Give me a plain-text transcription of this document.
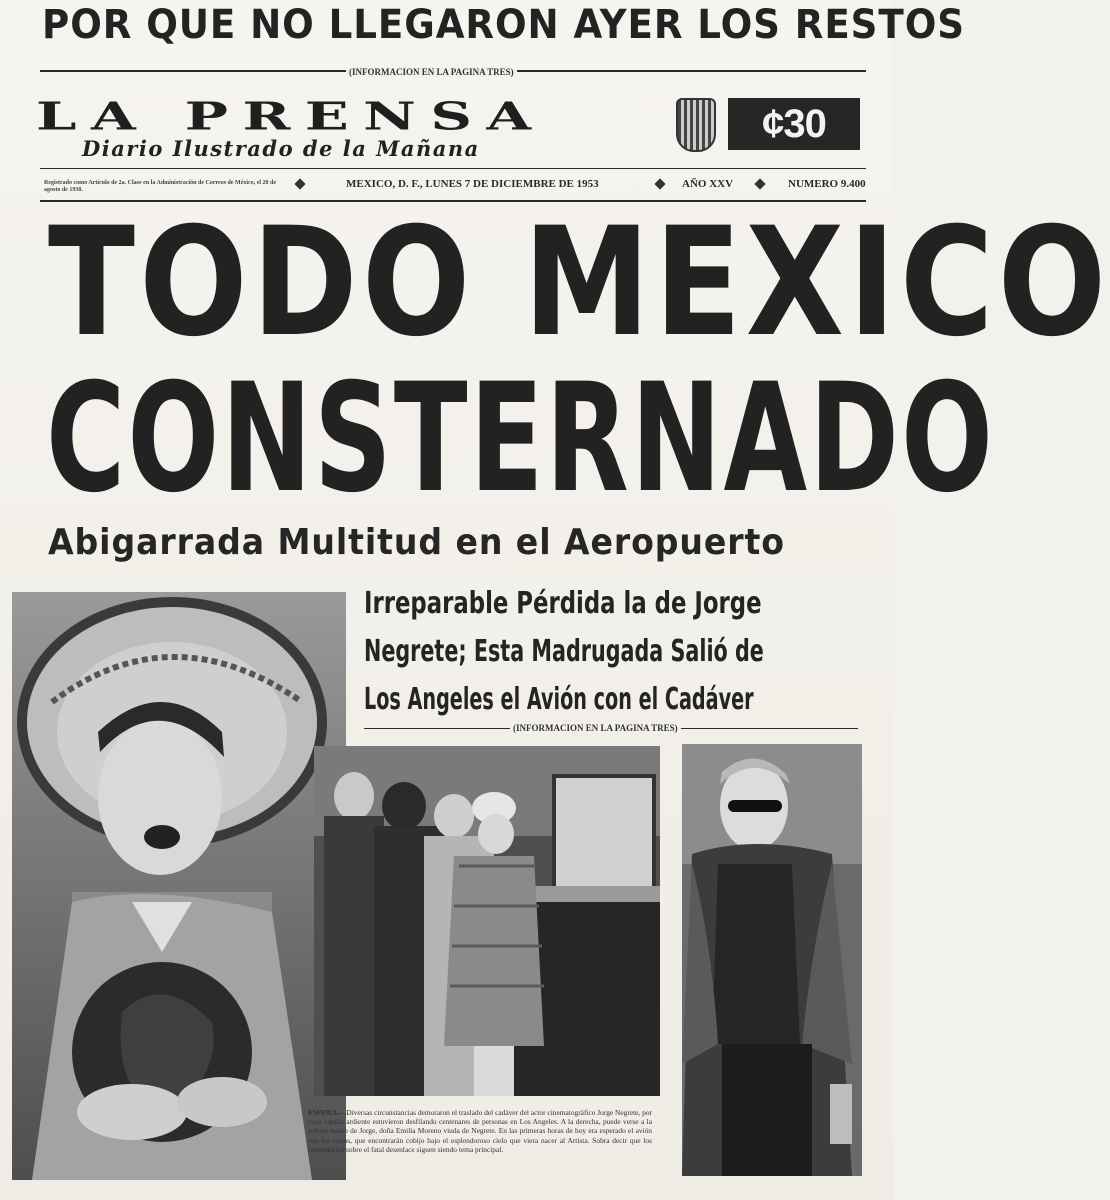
POR QUE NO LLEGARON AYER LOS RESTOS
(INFORMACION EN LA PAGINA TRES)
LA PRENSA
Diario Ilustrado de la Mañana
¢30
Registrado como Artículo de 2a. Clase en la Administración de Correos de México, el 20 de agosto de 1930.	MEXICO, D. F., LUNES 7 DE DICIEMBRE DE 1953	AÑO XXV	NUMERO 9.400
TODO MEXICO
CONSTERNADO
Abigarrada Multitud en el Aeropuerto
Irreparable Pérdida la de Jorge
Negrete; Esta Madrugada Salió de
Los Angeles el Avión con el Cadáver
(INFORMACION EN LA PAGINA TRES)
ESPERA.—Diversas circunstancias demoraron el traslado del cadáver del actor cinematográfico Jorge Negrete, por cuya capilla ardiente estuvieron desfilando centenares de personas en Los Angeles. A la derecha, puede verse a la señora madre de Jorge, doña Emilia Moreno viuda de Negrete. En las primeras horas de hoy era esperado el avión con los restos, que encontrarán cobijo bajo el esplendoroso cielo que viera nacer al Artista. Sobra decir que los comentarios sobre el fatal desenlace siguen siendo tema principal.
